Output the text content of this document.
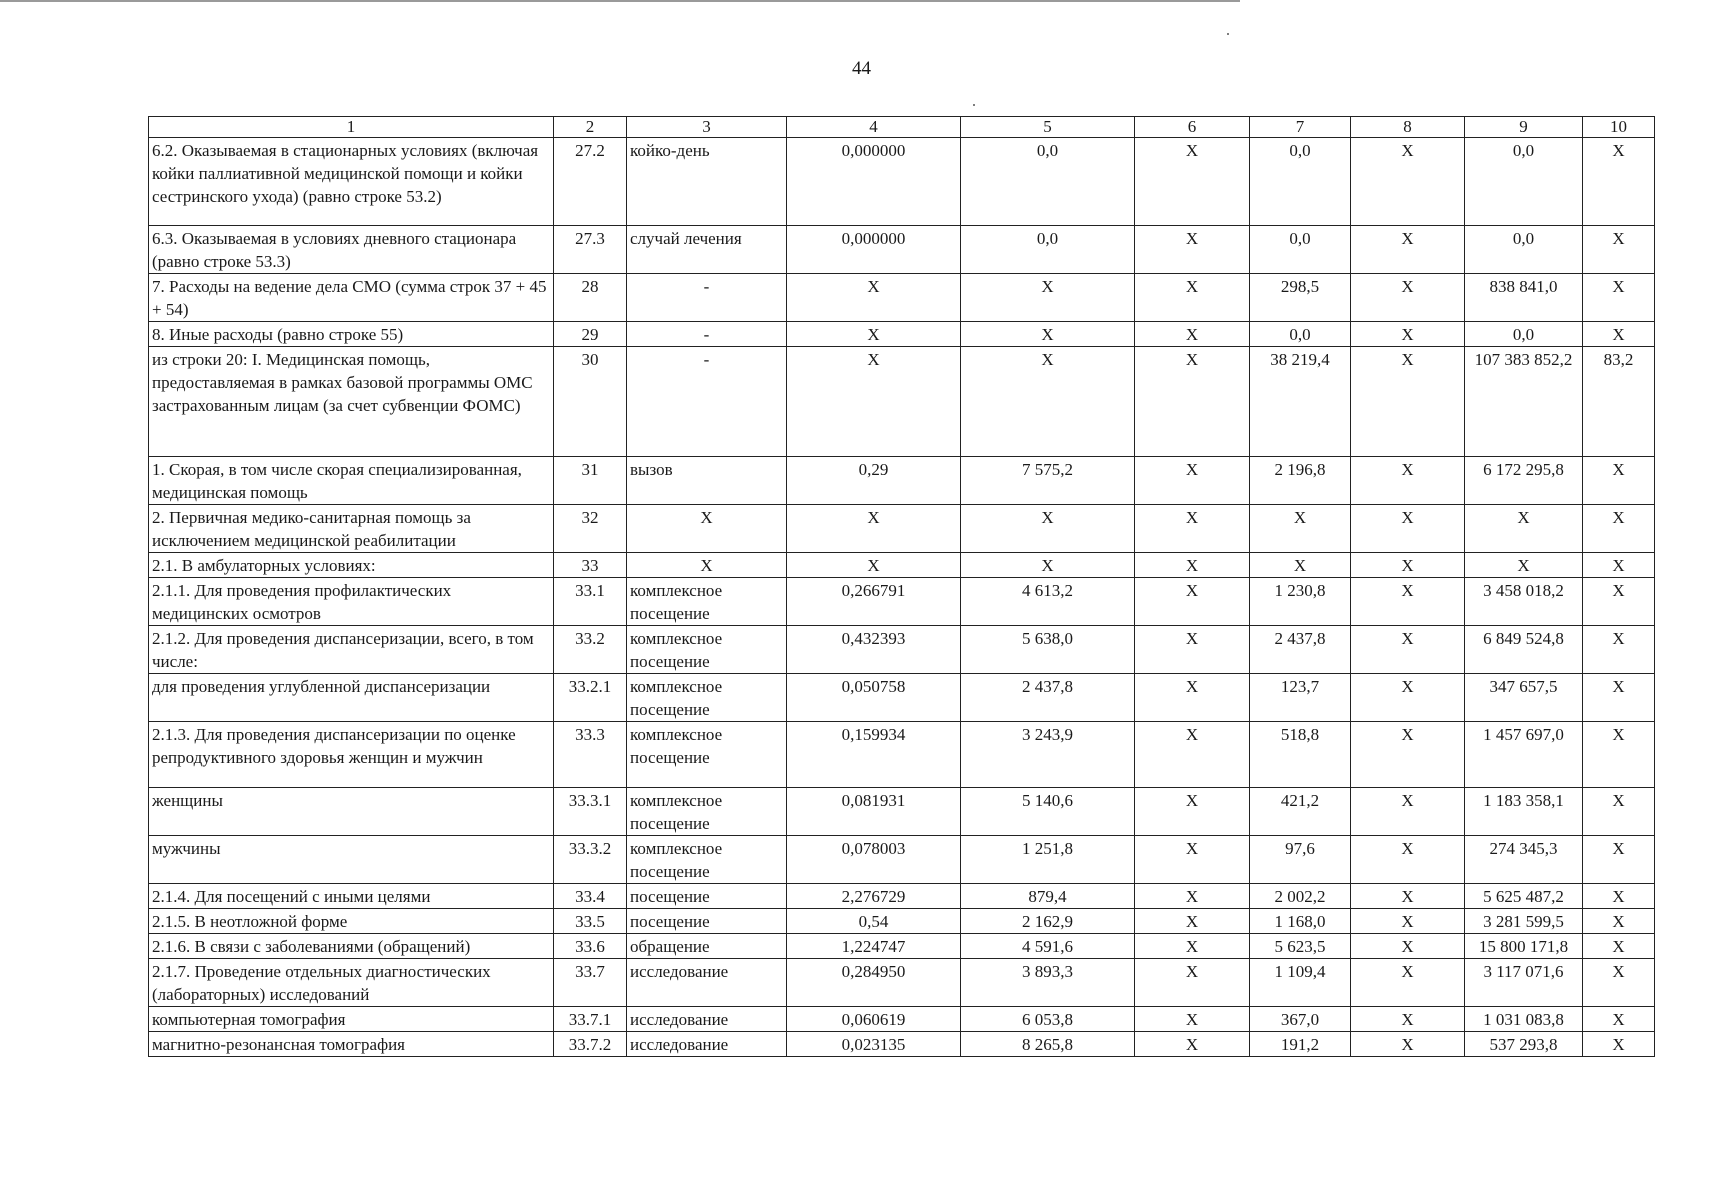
44
1	2	3	4	5	6	7	8	9	10
6.2. Оказываемая в стационарных условиях (включая койки паллиативной медицинской помощи и койки сестринского ухода) (равно строке 53.2)	27.2	койко-день	0,000000	0,0	X	0,0	X	0,0	X
6.3. Оказываемая в условиях дневного стационара (равно строке 53.3)	27.3	случай лечения	0,000000	0,0	X	0,0	X	0,0	X
7. Расходы на ведение дела СМО (сумма строк 37 + 45 + 54)	28	-	X	X	X	298,5	X	838 841,0	X
8. Иные расходы (равно строке 55)	29	-	X	X	X	0,0	X	0,0	X
из строки 20: I. Медицинская помощь, предоставляемая в рамках базовой программы ОМС застрахованным лицам (за счет субвенции ФОМС)	30	-	X	X	X	38 219,4	X	107 383 852,2	83,2
1. Скорая, в том числе скорая специализированная, медицинская помощь	31	вызов	0,29	7 575,2	X	2 196,8	X	6 172 295,8	X
2. Первичная медико-санитарная помощь за исключением медицинской реабилитации	32	X	X	X	X	X	X	X	X
2.1. В амбулаторных условиях:	33	X	X	X	X	X	X	X	X
2.1.1. Для проведения профилактических медицинских осмотров	33.1	комплексное посещение	0,266791	4 613,2	X	1 230,8	X	3 458 018,2	X
2.1.2. Для проведения диспансеризации, всего, в том числе:	33.2	комплексное посещение	0,432393	5 638,0	X	2 437,8	X	6 849 524,8	X
для проведения углубленной диспансеризации	33.2.1	комплексное посещение	0,050758	2 437,8	X	123,7	X	347 657,5	X
2.1.3. Для проведения диспансеризации по оценке репродуктивного здоровья женщин и мужчин	33.3	комплексное посещение	0,159934	3 243,9	X	518,8	X	1 457 697,0	X
женщины	33.3.1	комплексное посещение	0,081931	5 140,6	X	421,2	X	1 183 358,1	X
мужчины	33.3.2	комплексное посещение	0,078003	1 251,8	X	97,6	X	274 345,3	X
2.1.4. Для посещений с иными целями	33.4	посещение	2,276729	879,4	X	2 002,2	X	5 625 487,2	X
2.1.5. В неотложной форме	33.5	посещение	0,54	2 162,9	X	1 168,0	X	3 281 599,5	X
2.1.6. В связи с заболеваниями (обращений)	33.6	обращение	1,224747	4 591,6	X	5 623,5	X	15 800 171,8	X
2.1.7. Проведение отдельных диагностических (лабораторных) исследований	33.7	исследование	0,284950	3 893,3	X	1 109,4	X	3 117 071,6	X
компьютерная томография	33.7.1	исследование	0,060619	6 053,8	X	367,0	X	1 031 083,8	X
магнитно-резонансная томография	33.7.2	исследование	0,023135	8 265,8	X	191,2	X	537 293,8	X
